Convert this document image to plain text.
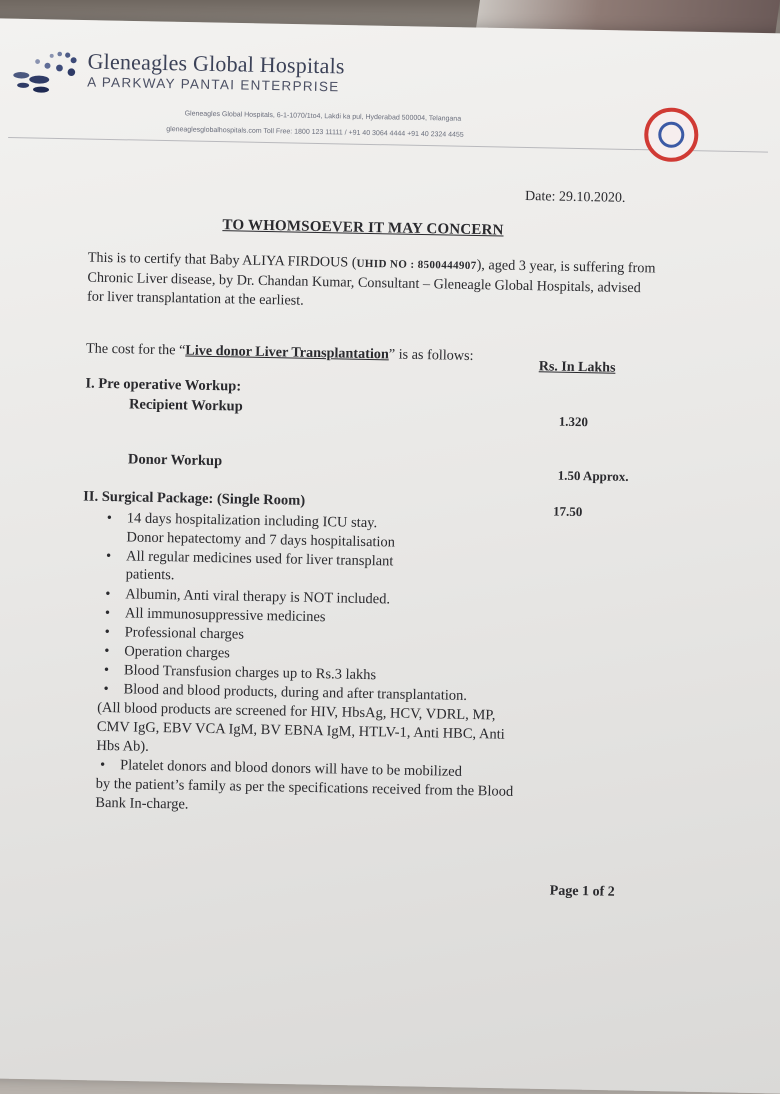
Gleneagles Global Hospitals
A PARKWAY PANTAI ENTERPRISE
Gleneagles Global Hospitals, 6-1-1070/1to4, Lakdi ka pul, Hyderabad 500004, Telangana
gleneaglesglobalhospitals.com Toll Free: 1800 123 11111 / +91 40 3064 4444 +91 40 2324 4455
Date: 29.10.2020.
TO WHOMSOEVER IT MAY CONCERN
This is to certify that Baby ALIYA FIRDOUS (UHID NO : 8500444907), aged 3 year, is suffering from Chronic Liver disease, by Dr. Chandan Kumar, Consultant – Gleneagle Global Hospitals, advised for liver transplantation at the earliest.
The cost for the “Live donor Liver Transplantation” is as follows:
Rs. In Lakhs
I. Pre operative Workup:
Recipient Workup
1.320
Donor Workup
1.50 Approx.
II. Surgical Package: (Single Room)
17.50
• 14 days hospitalization including ICU stay.
Donor hepatectomy and 7 days hospitalisation
• All regular medicines used for liver transplant
patients.
• Albumin, Anti viral therapy is NOT included.
• All immunosuppressive medicines
• Professional charges
• Operation charges
• Blood Transfusion charges up to Rs.3 lakhs
• Blood and blood products, during and after transplantation.
(All blood products are screened for HIV, HbsAg, HCV, VDRL, MP, CMV IgG, EBV VCA IgM, BV EBNA IgM, HTLV-1, Anti HBC, Anti Hbs Ab).
• Platelet donors and blood donors will have to be mobilized
by the patient’s family as per the specifications received from the Blood Bank In-charge.
Page 1 of 2
